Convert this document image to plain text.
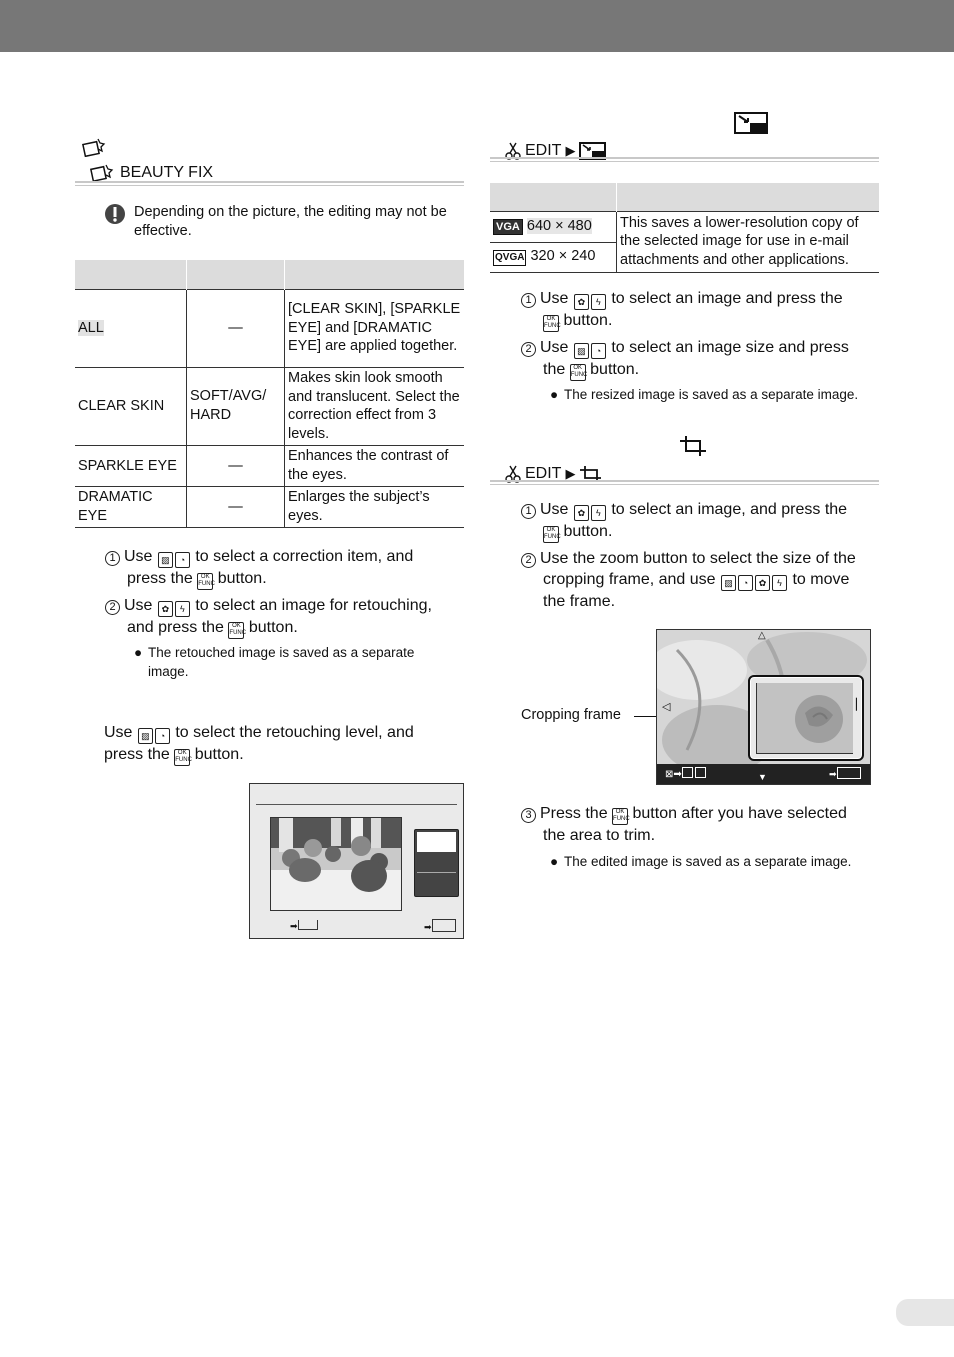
BEAUTY FIX
Depending on the picture, the editing may not be effective.

ALL	—	[CLEAR SKIN], [SPARKLE EYE] and [DRAMATIC EYE] are applied together.
CLEAR SKIN	SOFT/AVG/ HARD	Makes skin look smooth and translucent. Select the correction effect from 3 levels.
SPARKLE EYE	—	Enhances the contrast of the eyes.
DRAMATIC EYE	—	Enlarges the subject’s eyes.
1 Use ▨ ◔ to select a correction item, and
press the OK FUNC button.
2 Use ✿ ϟ to select an image for retouching,
and press the OK FUNC button.
● The retouched image is saved as a separate image.
Use ▨ ◔ to select the retouching level, and
press the OK FUNC button.
➡	➡
EDIT ▶

VGA 640 × 480	This saves a lower-resolution copy of the selected image for use in e-mail attachments and other applications.
QVGA 320 × 240	
1 Use ✿ ϟ to select an image and press the
OK FUNC button.
2 Use ▨ ◔ to select an image size and press
the OK FUNC button.
● The resized image is saved as a separate image.
EDIT ▶
1 Use ✿ ϟ to select an image, and press the
OK FUNC button.
2 Use the zoom button to select the size of the
cropping frame, and use ▨ ◔ ✿ ϟ to move
the frame.
Cropping frame
△
▼
◁	▏
⊠➡	➡
3 Press the OK FUNC button after you have selected
the area to trim.
● The edited image is saved as a separate image.
